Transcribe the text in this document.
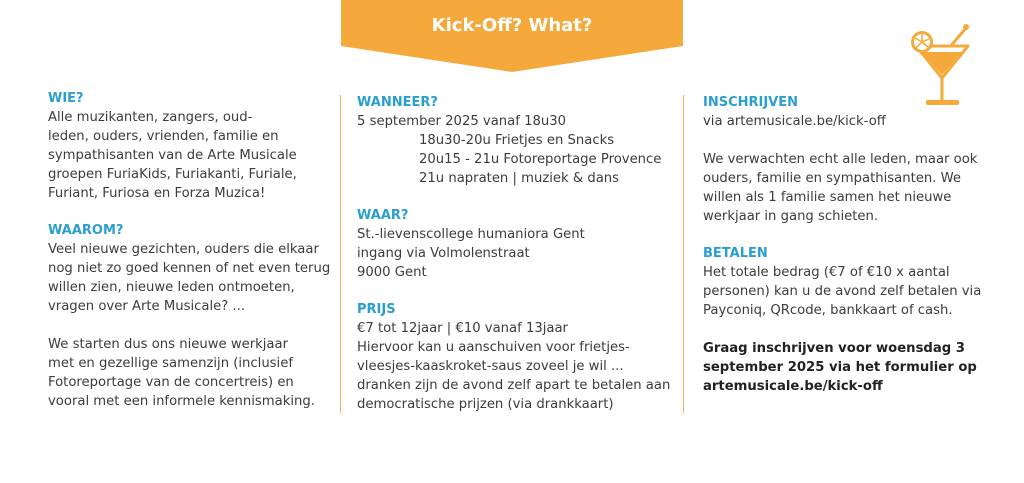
Kick-Off? What?
WIE?
Alle muzikanten, zangers, oud-
leden, ouders, vrienden, familie en
sympathisanten van de Arte Musicale
groepen FuriaKids, Furiakanti, Furiale,
Furiant, Furiosa en Forza Muzica!
WAAROM?
Veel nieuwe gezichten, ouders die elkaar
nog niet zo goed kennen of net even terug
willen zien, nieuwe leden ontmoeten,
vragen over Arte Musicale? ...
We starten dus ons nieuwe werkjaar
met en gezellige samenzijn (inclusief
Fotoreportage van de concertreis) en
vooral met een informele kennismaking.
WANNEER?
5 september 2025 vanaf 18u30
18u30-20u Frietjes en Snacks
20u15 - 21u Fotoreportage Provence
21u napraten | muziek & dans
WAAR?
St.-lievenscollege humaniora Gent
ingang via Volmolenstraat
9000 Gent
PRIJS
€7 tot 12jaar | €10 vanaf 13jaar
Hiervoor kan u aanschuiven voor frietjes-
vleesjes-kaaskroket-saus zoveel je wil ...
dranken zijn de avond zelf apart te betalen aan
democratische prijzen (via drankkaart)
INSCHRIJVEN
via artemusicale.be/kick-off
We verwachten echt alle leden, maar ook
ouders, familie en sympathisanten. We
willen als 1 familie samen het nieuwe
werkjaar in gang schieten.
BETALEN
Het totale bedrag (€7 of €10 x aantal
personen) kan u de avond zelf betalen via
Payconiq, QRcode, bankkaart of cash.
Graag inschrijven voor woensdag 3
september 2025 via het formulier op
artemusicale.be/kick-off
